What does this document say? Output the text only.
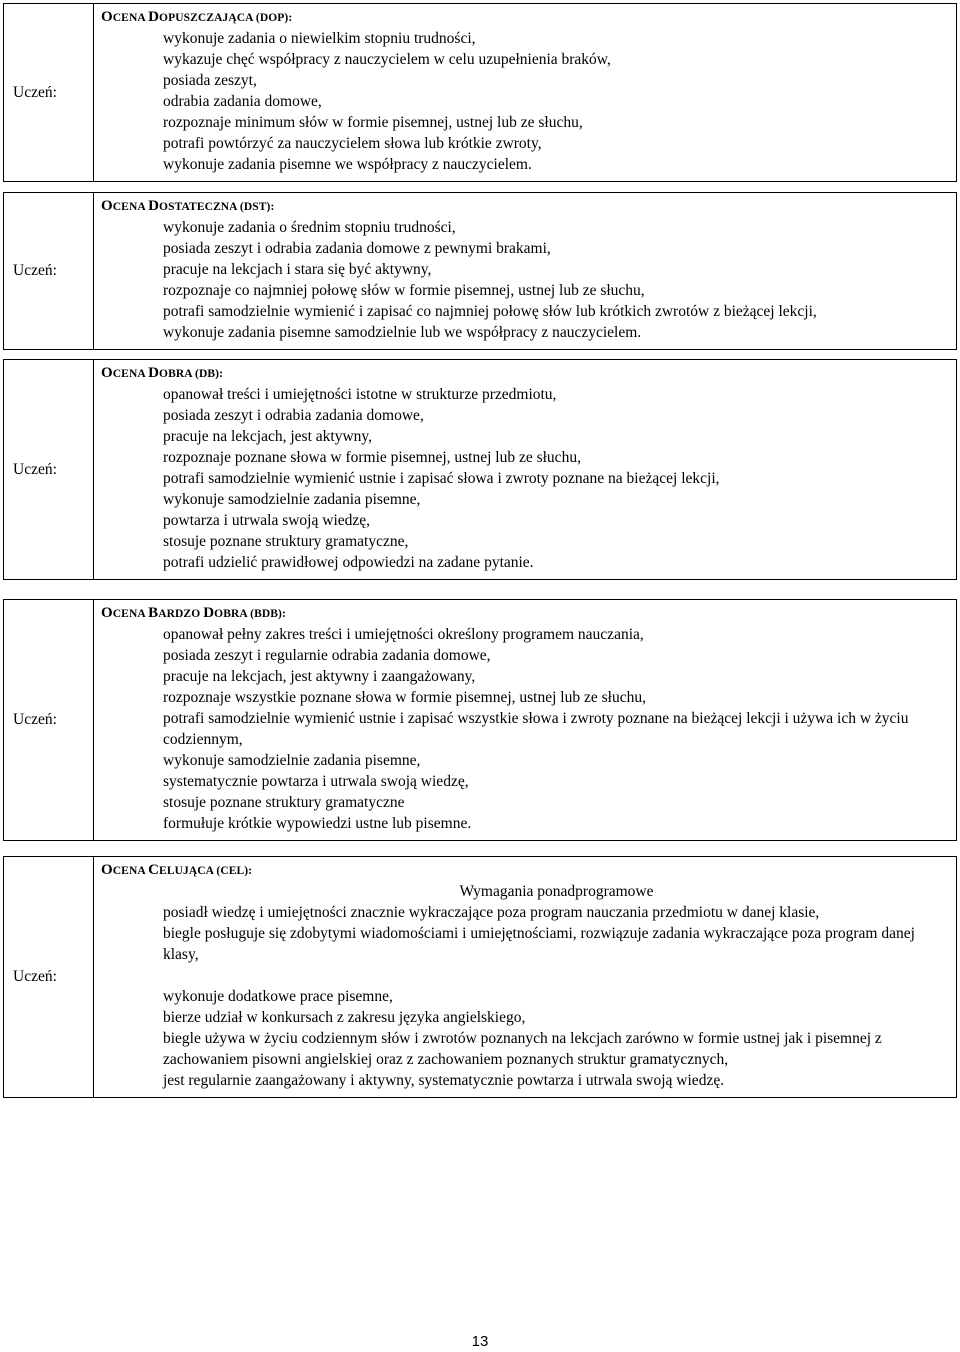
Uczeń:	
OCENA DOPUSZCZAJĄCA (DOP):
wykonuje zadania o niewielkim stopniu trudności,
wykazuje chęć współpracy z nauczycielem w celu uzupełnienia braków,
posiada zeszyt,
odrabia zadania domowe,
rozpoznaje minimum słów w formie pisemnej, ustnej lub ze słuchu,
potrafi powtórzyć za nauczycielem słowa lub krótkie zwroty,
wykonuje zadania pisemne we współpracy z nauczycielem.
Uczeń:	
OCENA DOSTATECZNA (DST):
wykonuje zadania o średnim stopniu trudności,
posiada zeszyt i odrabia zadania domowe z pewnymi brakami,
pracuje na lekcjach i stara się być aktywny,
rozpoznaje co najmniej połowę słów w formie pisemnej, ustnej lub ze słuchu,
potrafi samodzielnie wymienić i zapisać co najmniej połowę słów lub krótkich zwrotów z bieżącej lekcji,
wykonuje zadania pisemne samodzielnie lub we współpracy z nauczycielem.
Uczeń:	
OCENA DOBRA (DB):
opanował treści i umiejętności istotne w strukturze przedmiotu,
posiada zeszyt i odrabia zadania domowe,
pracuje na lekcjach, jest aktywny,
rozpoznaje poznane słowa w formie pisemnej, ustnej lub ze słuchu,
potrafi samodzielnie wymienić ustnie i zapisać słowa i zwroty poznane na bieżącej lekcji,
wykonuje samodzielnie zadania pisemne,
powtarza i utrwala swoją wiedzę,
stosuje poznane struktury gramatyczne,
potrafi udzielić prawidłowej odpowiedzi na zadane pytanie.
Uczeń:	
OCENA BARDZO DOBRA (BDB):
opanował pełny zakres treści i umiejętności określony programem nauczania,
posiada zeszyt i regularnie odrabia zadania domowe,
pracuje na lekcjach, jest aktywny i zaangażowany,
rozpoznaje wszystkie poznane słowa w formie pisemnej, ustnej lub ze słuchu,
potrafi samodzielnie wymienić ustnie i zapisać wszystkie słowa i zwroty poznane na bieżącej lekcji i używa ich w życiu codziennym,
wykonuje samodzielnie zadania pisemne,
systematycznie powtarza i utrwala swoją wiedzę,
stosuje poznane struktury gramatyczne
formułuje krótkie wypowiedzi ustne lub pisemne.
Uczeń:	
OCENA CELUJĄCA (CEL):
Wymagania ponadprogramowe
posiadł wiedzę i umiejętności znacznie wykraczające poza program nauczania przedmiotu w danej klasie,
biegle posługuje się zdobytymi wiadomościami i umiejętnościami, rozwiązuje zadania wykraczające poza program danej klasy,
wykonuje dodatkowe prace pisemne,
bierze udział w konkursach z zakresu języka angielskiego,
biegle używa w życiu codziennym słów i zwrotów poznanych na lekcjach zarówno w formie ustnej jak i pisemnej z zachowaniem pisowni angielskiej oraz z zachowaniem poznanych struktur gramatycznych,
jest regularnie zaangażowany i aktywny, systematycznie powtarza i utrwala swoją wiedzę.
13
